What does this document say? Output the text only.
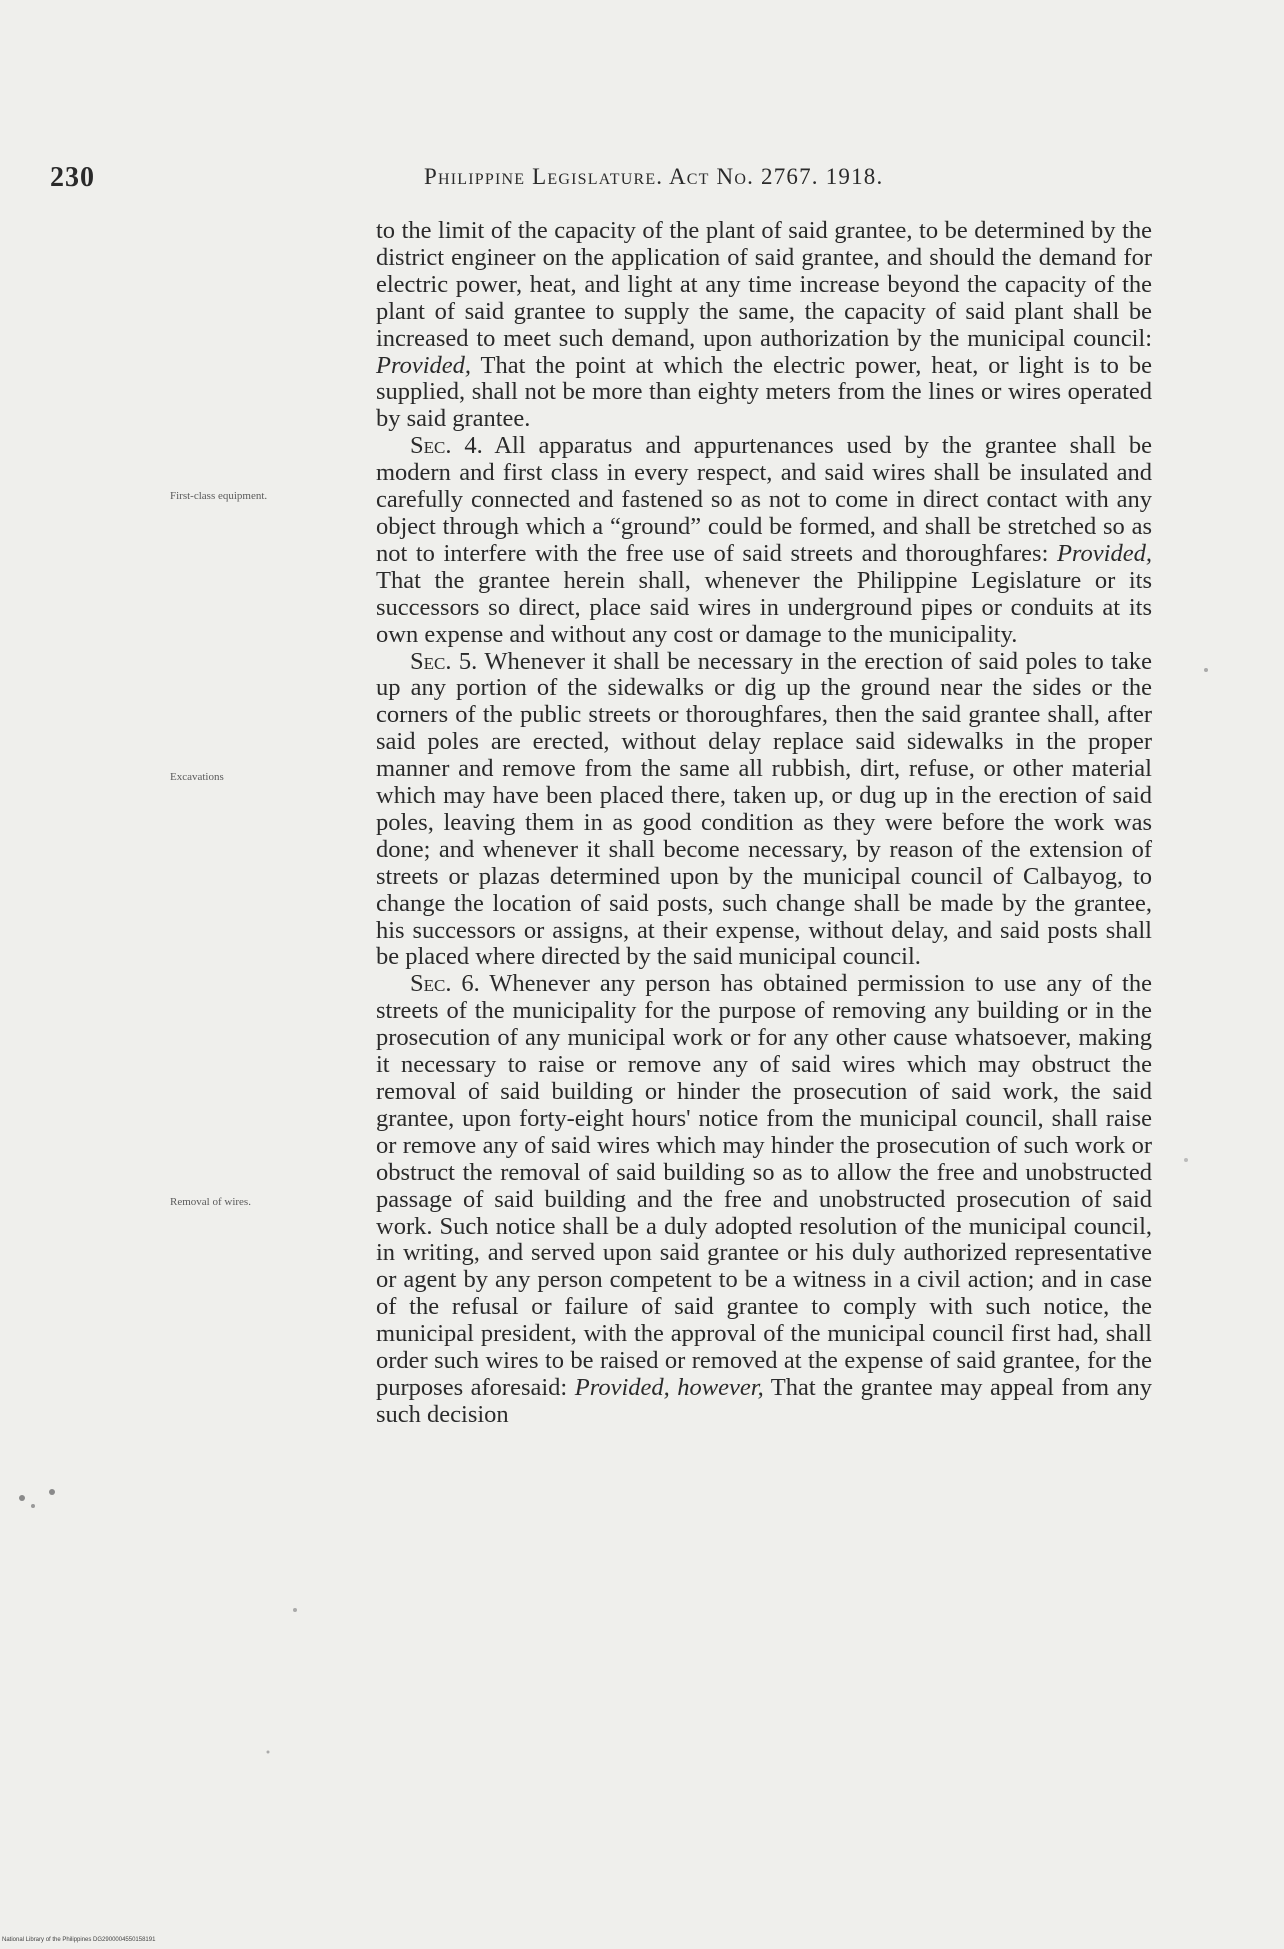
230	Philippine Legislature. Act No. 2767. 1918.
First-class equipment.
Excavations
Removal of wires.

to the limit of the capacity of the plant of said grantee, to be determined by the district engineer on the application of said grantee, and should the demand for electric power, heat, and light at any time increase beyond the capacity of the plant of said grantee to supply the same, the capacity of said plant shall be increased to meet such demand, upon authorization by the municipal council: Provided, That the point at which the electric power, heat, or light is to be supplied, shall not be more than eighty meters from the lines or wires operated by said grantee.

Sec. 4. All apparatus and appurtenances used by the grantee shall be modern and first class in every respect, and said wires shall be insulated and carefully connected and fastened so as not to come in direct contact with any object through which a “ground” could be formed, and shall be stretched so as not to interfere with the free use of said streets and thoroughfares: Provided, That the grantee herein shall, whenever the Philippine Legislature or its successors so direct, place said wires in underground pipes or conduits at its own expense and without any cost or damage to the municipality.

Sec. 5. Whenever it shall be necessary in the erection of said poles to take up any portion of the sidewalks or dig up the ground near the sides or the corners of the public streets or thoroughfares, then the said grantee shall, after said poles are erected, without delay replace said sidewalks in the proper manner and remove from the same all rubbish, dirt, refuse, or other material which may have been placed there, taken up, or dug up in the erection of said poles, leaving them in as good condition as they were before the work was done; and whenever it shall become necessary, by reason of the extension of streets or plazas determined upon by the municipal council of Calbayog, to change the location of said posts, such change shall be made by the grantee, his successors or assigns, at their expense, without delay, and said posts shall be placed where directed by the said municipal council.

Sec. 6. Whenever any person has obtained permission to use any of the streets of the municipality for the purpose of removing any building or in the prosecution of any municipal work or for any other cause whatsoever, making it necessary to raise or remove any of said wires which may obstruct the removal of said building or hinder the prosecution of said work, the said grantee, upon forty-eight hours' notice from the municipal council, shall raise or remove any of said wires which may hinder the prosecution of such work or obstruct the removal of said building so as to allow the free and unobstructed passage of said building and the free and unobstructed prosecution of said work. Such notice shall be a duly adopted resolution of the municipal council, in writing, and served upon said grantee or his duly authorized representative or agent by any person competent to be a witness in a civil action; and in case of the refusal or failure of said grantee to comply with such notice, the municipal president, with the approval of the municipal council first had, shall order such wires to be raised or removed at the expense of said grantee, for the purposes aforesaid: Provided, however, That the grantee may appeal from any such decision

National Library of the Philippines DG2900004550158191
